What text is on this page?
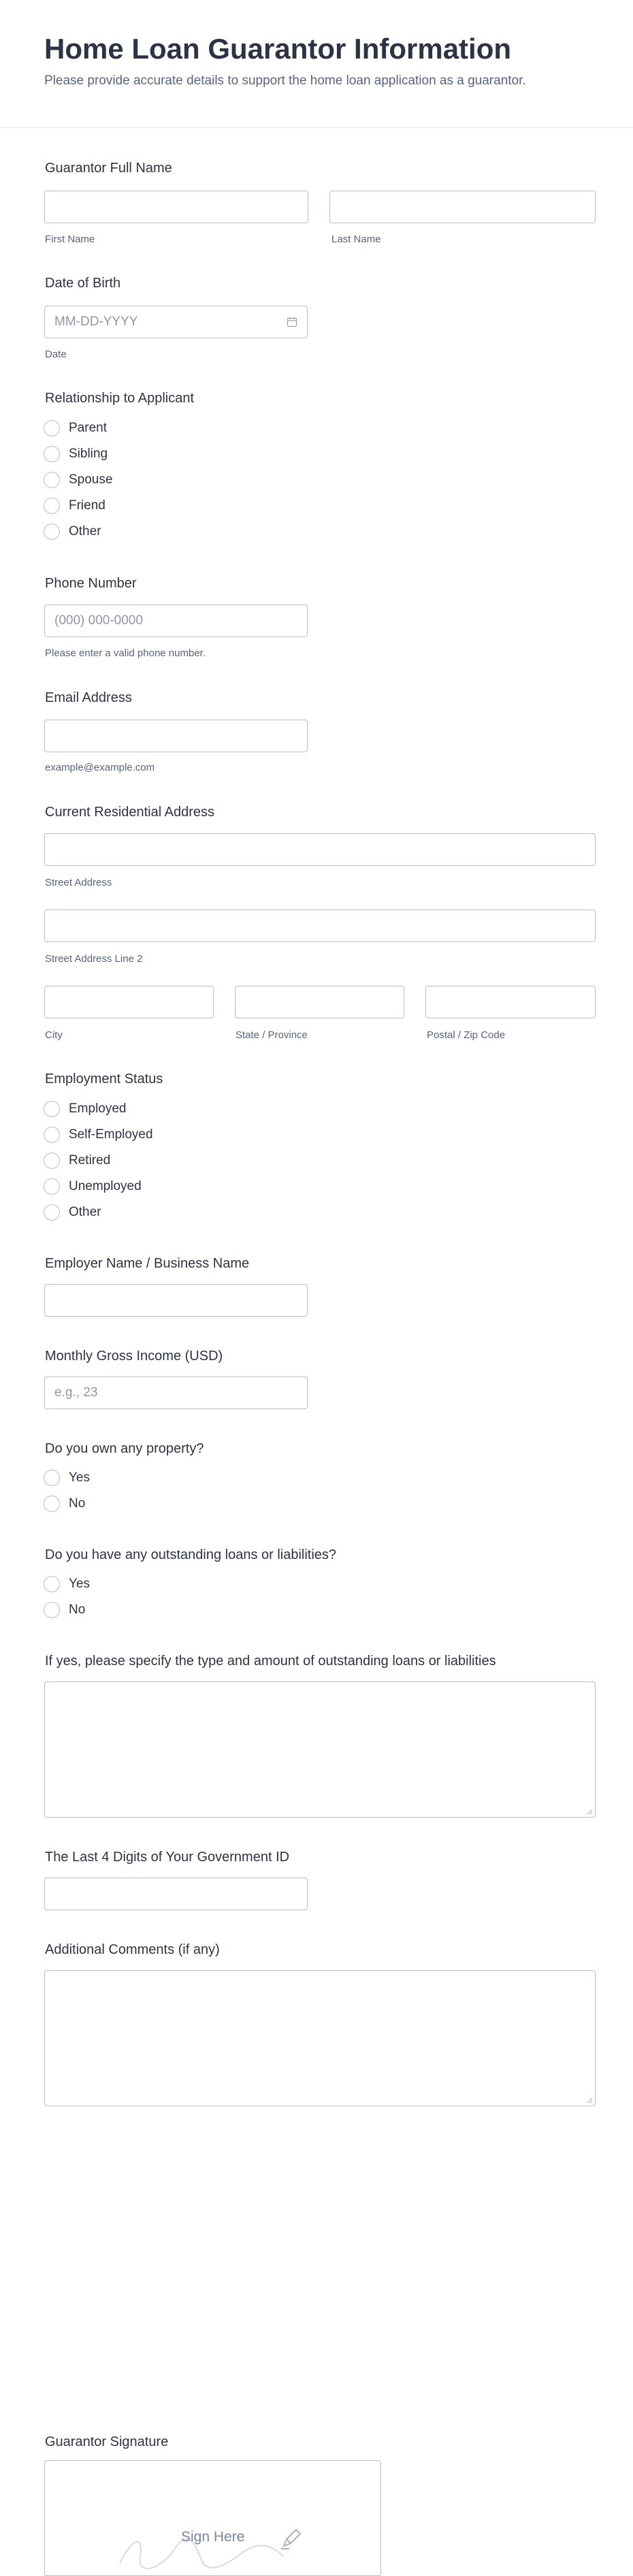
Home Loan Guarantor Information
Please provide accurate details to support the home loan application as a guarantor.
Guarantor Full Name
First Name	Last Name
Date of Birth
MM-DD-YYYY
Date
Relationship to Applicant
Parent
Sibling
Spouse
Friend
Other
Phone Number
(000) 000-0000
Please enter a valid phone number.
Email Address
example@example.com
Current Residential Address
Street Address
Street Address Line 2
City	State / Province	Postal / Zip Code
Employment Status
Employed
Self-Employed
Retired
Unemployed
Other
Employer Name / Business Name
Monthly Gross Income (USD)
e.g., 23
Do you own any property?
Yes
No
Do you have any outstanding loans or liabilities?
Yes
No
If yes, please specify the type and amount of outstanding loans or liabilities
The Last 4 Digits of Your Government ID
Additional Comments (if any)
Guarantor Signature
Sign Here
